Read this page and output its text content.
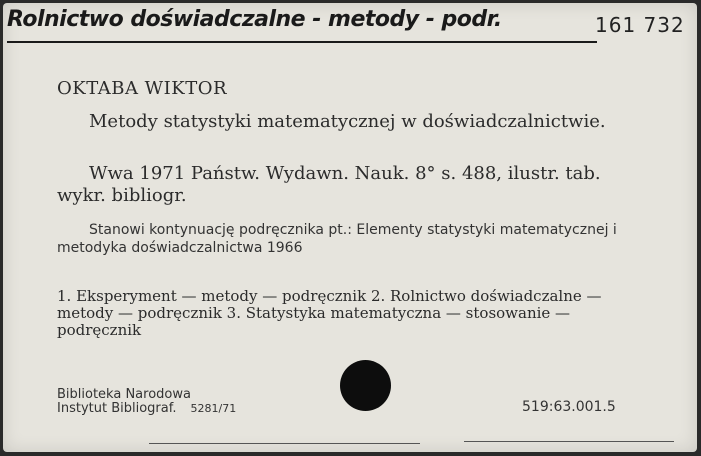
Rolnictwo doświadczalne - metody - podr.	161 732
OKTABA WIKTOR
Metody statystyki matematycznej w doświadczalnictwie.
Wwa 1971 Państw. Wydawn. Nauk. 8° s. 488, ilustr. tab. wykr. bibliogr.
Stanowi kontynuację podręcznika pt.: Elementy statystyki matematycznej i metodyka doświadczalnictwa 1966
1. Eksperyment — metody — podręcznik 2. Rolnictwo doświadczalne — metody — podręcznik 3. Statystyka matematyczna — stosowanie — podręcznik
Biblioteka Narodowa
Instytut Bibliograf. 5281/71	519:63.001.5
